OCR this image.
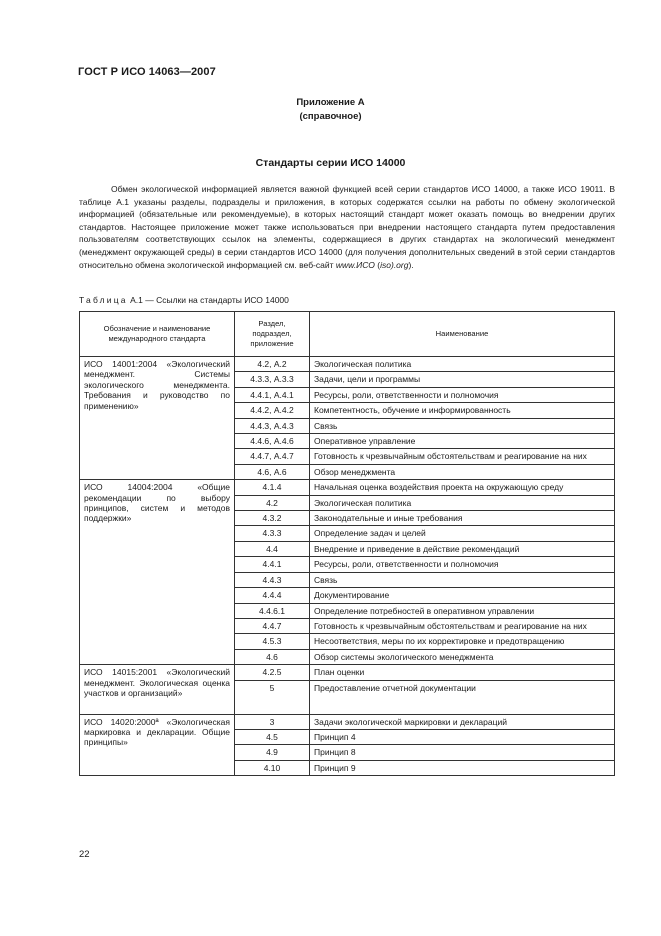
ГОСТ Р ИСО 14063—2007
Приложение А
(справочное)
Стандарты серии ИСО 14000

Обмен экологической информацией является важной функцией всей серии стандартов ИСО 14000, а также ИСО 19011. В таблице А.1 указаны разделы, подразделы и приложения, в которых содержатся ссылки на работы по обмену экологической информацией (обязательные или рекомендуемые), в которых настоящий стандарт может оказать помощь во внедрении других стандартов. Настоящее приложение может также использоваться при внедрении настоящего стандарта путем предоставления пользователям соответствующих ссылок на элементы, содержащиеся в других стандартах на экологический менеджмент (менеджмент окружающей среды) в серии стандартов ИСО 14000 (для получения дополнительных сведений в этой серии стандартов относительно обмена экологической информацией см. веб-сайт www.ИСО (iso).org).

Таблица А.1 — Ссылки на стандарты ИСО 14000
Обозначение и наименование международного стандарта	Раздел, подраздел, приложение	Наименование
ИСО 14001:2004 «Экологический менеджмент. Системы экологического менеджмента. Требования и руководство по применению»	4.2, А.2	Экологическая политика
	4.3.3, А.3.3	Задачи, цели и программы
	4.4.1, А.4.1	Ресурсы, роли, ответственности и полномочия
	4.4.2, А.4.2	Компетентность, обучение и информированность
	4.4.3, А.4.3	Связь
	4.4.6, А.4.6	Оперативное управление
	4.4.7, А.4.7	Готовность к чрезвычайным обстоятельствам и реагирование на них
	4.6, А.6	Обзор менеджмента
ИСО 14004:2004 «Общие рекомендации по выбору принципов, систем и методов поддержки»	4.1.4	Начальная оценка воздействия проекта на окружающую среду
	4.2	Экологическая политика
	4.3.2	Законодательные и иные требования
	4.3.3	Определение задач и целей
	4.4	Внедрение и приведение в действие рекомендаций
	4.4.1	Ресурсы, роли, ответственности и полномочия
	4.4.3	Связь
	4.4.4	Документирование
	4.4.6.1	Определение потребностей в оперативном управлении
	4.4.7	Готовность к чрезвычайным обстоятельствам и реагирование на них
	4.5.3	Несоответствия, меры по их корректировке и предотвращению
	4.6	Обзор системы экологического менеджмента
ИСО 14015:2001 «Экологический менеджмент. Экологическая оценка участков и организаций»	4.2.5	План оценки
	5	Предоставление отчетной документации
ИСО 14020:2000ª «Экологическая маркировка и декларации. Общие принципы»	3	Задачи экологической маркировки и деклараций
	4.5	Принцип 4
	4.9	Принцип 8
	4.10	Принцип 9
22
